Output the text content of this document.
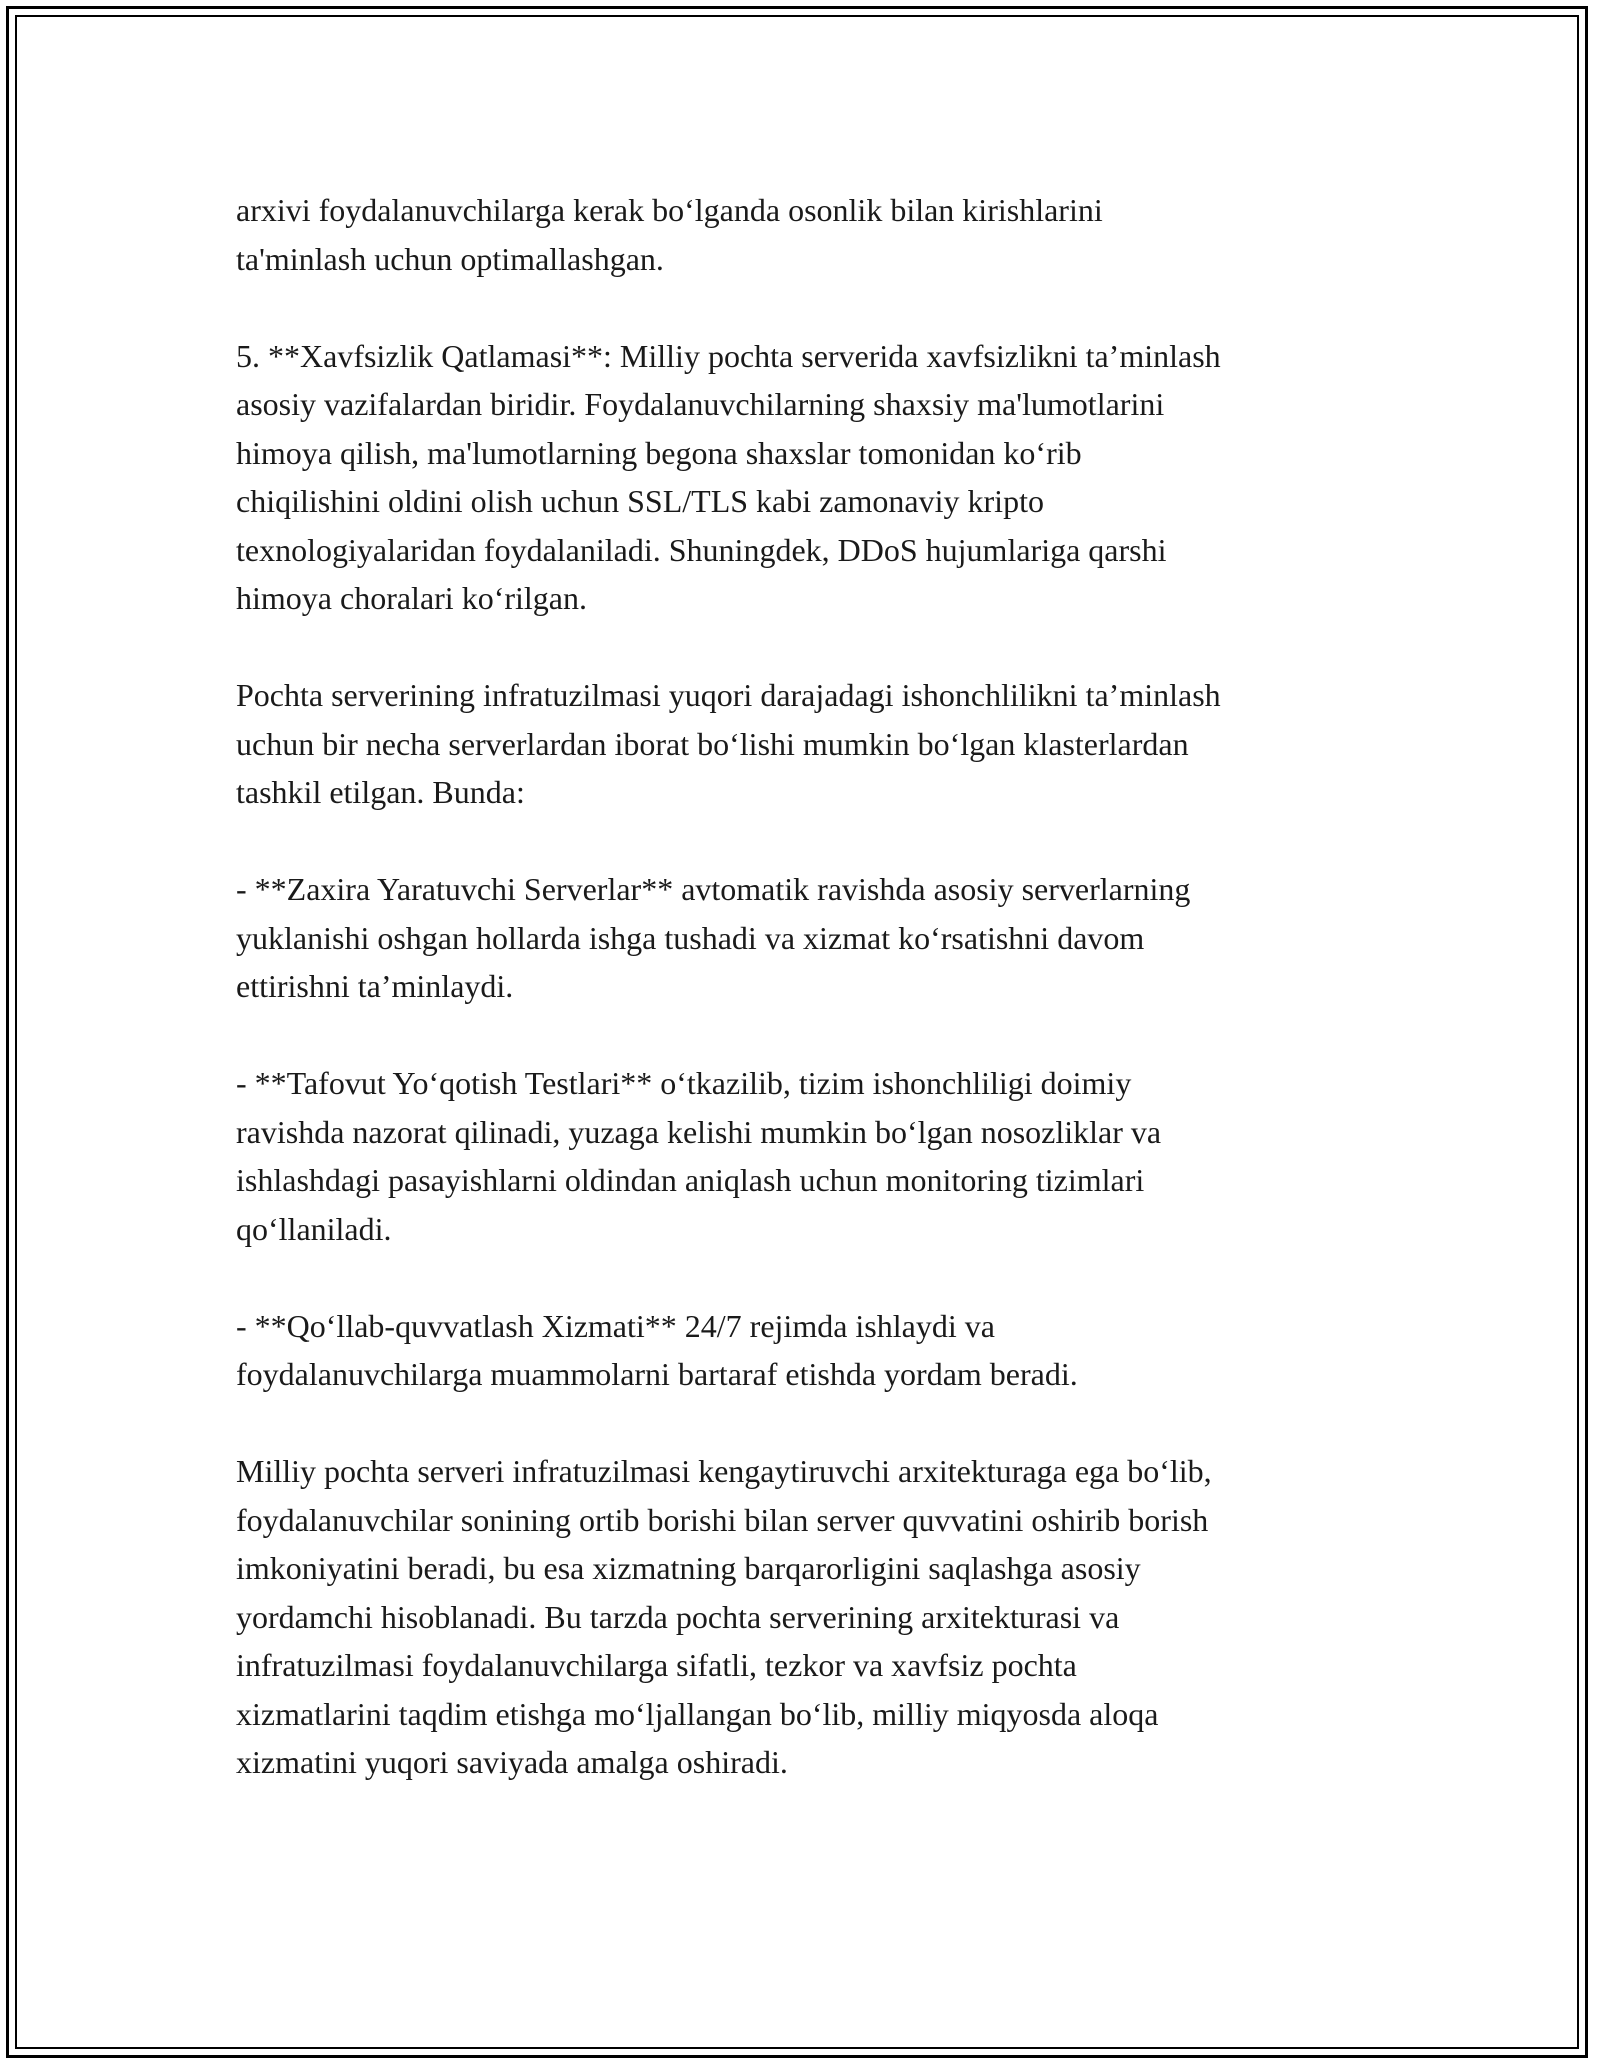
arxivi foydalanuvchilarga kerak bo‘lganda osonlik bilan kirishlarini
ta'minlash uchun optimallashgan.

5. **Xavfsizlik Qatlamasi**: Milliy pochta serverida xavfsizlikni ta’minlash
asosiy vazifalardan biridir. Foydalanuvchilarning shaxsiy ma'lumotlarini
himoya qilish, ma'lumotlarning begona shaxslar tomonidan ko‘rib
chiqilishini oldini olish uchun SSL/TLS kabi zamonaviy kripto
texnologiyalaridan foydalaniladi. Shuningdek, DDoS hujumlariga qarshi
himoya choralari ko‘rilgan.

Pochta serverining infratuzilmasi yuqori darajadagi ishonchlilikni ta’minlash
uchun bir necha serverlardan iborat bo‘lishi mumkin bo‘lgan klasterlardan
tashkil etilgan. Bunda:

- **Zaxira Yaratuvchi Serverlar** avtomatik ravishda asosiy serverlarning
yuklanishi oshgan hollarda ishga tushadi va xizmat ko‘rsatishni davom
ettirishni ta’minlaydi.

- **Tafovut Yo‘qotish Testlari** o‘tkazilib, tizim ishonchliligi doimiy
ravishda nazorat qilinadi, yuzaga kelishi mumkin bo‘lgan nosozliklar va
ishlashdagi pasayishlarni oldindan aniqlash uchun monitoring tizimlari
qo‘llaniladi.

- **Qo‘llab-quvvatlash Xizmati** 24/7 rejimda ishlaydi va
foydalanuvchilarga muammolarni bartaraf etishda yordam beradi.

Milliy pochta serveri infratuzilmasi kengaytiruvchi arxitekturaga ega bo‘lib,
foydalanuvchilar sonining ortib borishi bilan server quvvatini oshirib borish
imkoniyatini beradi, bu esa xizmatning barqarorligini saqlashga asosiy
yordamchi hisoblanadi. Bu tarzda pochta serverining arxitekturasi va
infratuzilmasi foydalanuvchilarga sifatli, tezkor va xavfsiz pochta
xizmatlarini taqdim etishga mo‘ljallangan bo‘lib, milliy miqyosda aloqa
xizmatini yuqori saviyada amalga oshiradi.
